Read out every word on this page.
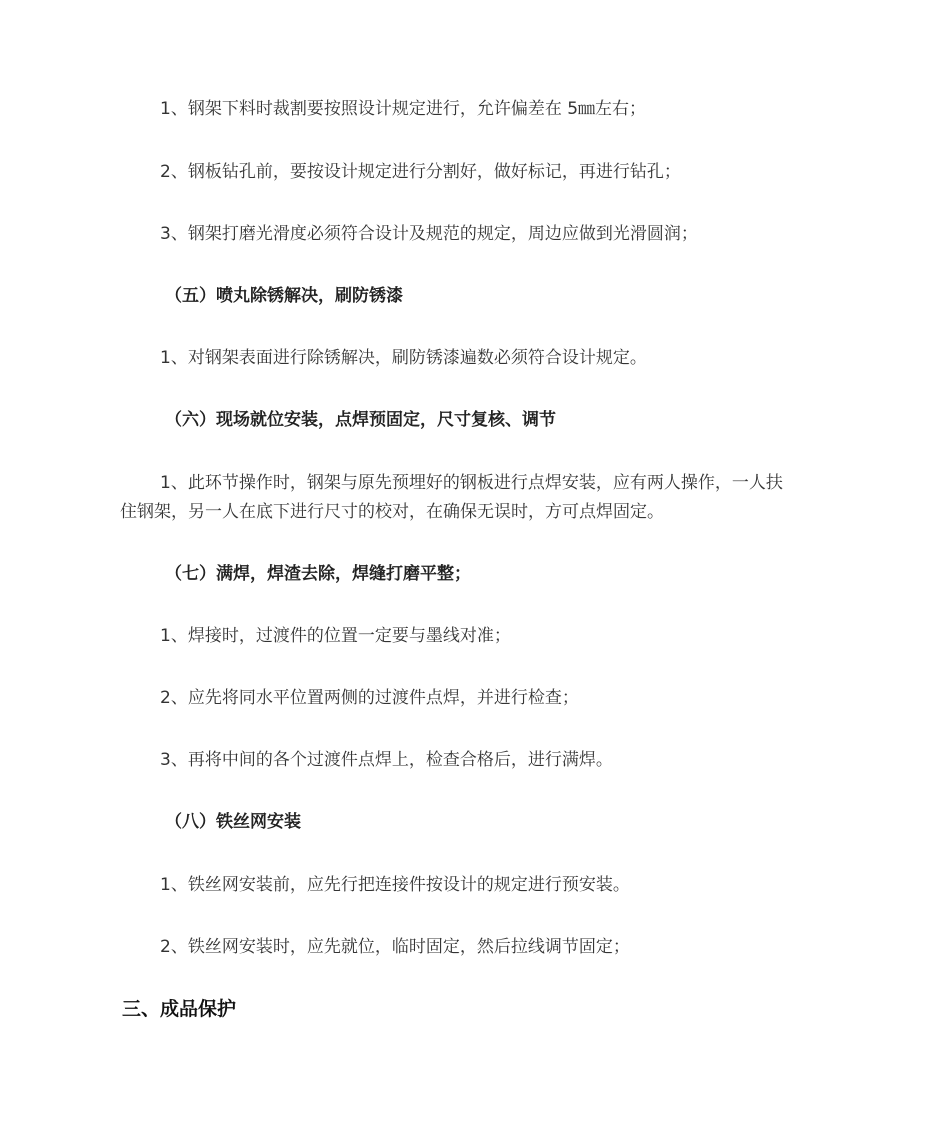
1、钢架下料时裁割要按照设计规定进行，允许偏差在 5㎜左右；
2、钢板钻孔前，要按设计规定进行分割好，做好标记，再进行钻孔；
3、钢架打磨光滑度必须符合设计及规范的规定，周边应做到光滑圆润；
（五）喷丸除锈解决，刷防锈漆
1、对钢架表面进行除锈解决，刷防锈漆遍数必须符合设计规定。
（六）现场就位安装，点焊预固定，尺寸复核、调节
1、此环节操作时，钢架与原先预埋好的钢板进行点焊安装，应有两人操作，一人扶
住钢架，另一人在底下进行尺寸的校对，在确保无误时，方可点焊固定。
（七）满焊，焊渣去除，焊缝打磨平整；
1、焊接时，过渡件的位置一定要与墨线对准；
2、应先将同水平位置两侧的过渡件点焊，并进行检查；
3、再将中间的各个过渡件点焊上，检查合格后，进行满焊。
（八）铁丝网安装
1、铁丝网安装前，应先行把连接件按设计的规定进行预安装。
2、铁丝网安装时，应先就位，临时固定，然后拉线调节固定；
三、成品保护
